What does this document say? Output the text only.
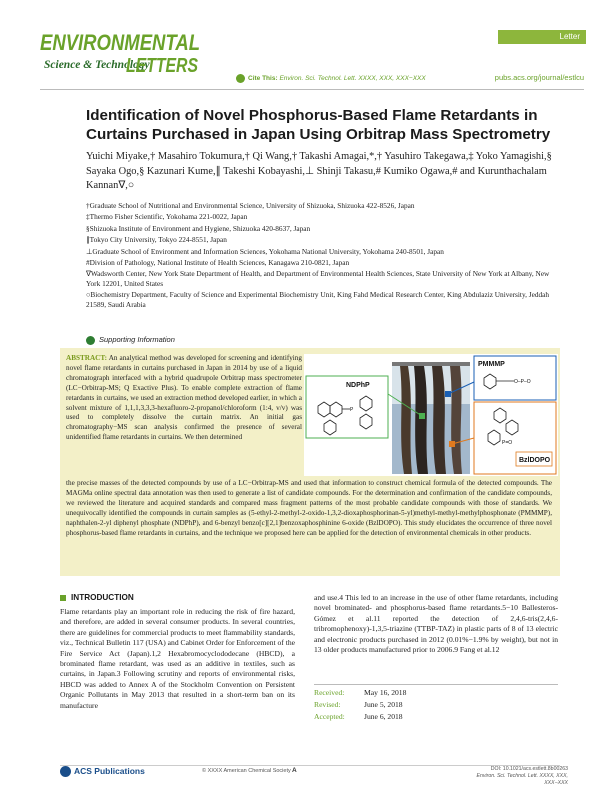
ENVIRONMENTAL
Science & Technology
LETTERS
Letter
pubs.acs.org/journal/estlcu
Cite This: Environ. Sci. Technol. Lett. XXXX, XXX, XXX−XXX
Identification of Novel Phosphorus-Based Flame Retardants in Curtains Purchased in Japan Using Orbitrap Mass Spectrometry
Yuichi Miyake,† Masahiro Tokumura,† Qi Wang,† Takashi Amagai,*,† Yasuhiro Takegawa,‡ Yoko Yamagishi,§ Sayaka Ogo,§ Kazunari Kume,∥ Takeshi Kobayashi,⊥ Shinji Takasu,# Kumiko Ogawa,# and Kurunthachalam Kannan∇,○

†Graduate School of Nutritional and Environmental Science, University of Shizuoka, Shizuoka 422-8526, Japan

‡Thermo Fisher Scientific, Yokohama 221-0022, Japan

§Shizuoka Institute of Environment and Hygiene, Shizuoka 420-8637, Japan

∥Tokyo City University, Tokyo 224-8551, Japan

⊥Graduate School of Environment and Information Sciences, Yokohama National University, Yokohama 240-8501, Japan

#Division of Pathology, National Institute of Health Sciences, Kanagawa 210-0821, Japan

∇Wadsworth Center, New York State Department of Health, and Department of Environmental Health Sciences, State University of New York at Albany, New York 12201, United States

○Biochemistry Department, Faculty of Science and Experimental Biochemistry Unit, King Fahd Medical Research Center, King Abdulaziz University, Jeddah 21589, Saudi Arabia

Supporting Information
ABSTRACT: An analytical method was developed for screening and identifying novel flame retardants in curtains purchased in Japan in 2014 by use of a liquid chromatograph interfaced with a hybrid quadrupole Orbitrap mass spectrometer (LC−Orbitrap-MS; Q Exactive Plus). To enable complete extraction of flame retardants in curtains, we used an extraction method developed earlier, in which a solvent mixture of 1,1,1,3,3,3-hexafluoro-2-propanol/chloroform (1:4, v/v) was used to completely dissolve the curtain matrix. An initial gas chromatography−MS scan analysis confirmed the presence of several unidentified flame retardants in curtains. We then determined
NDPhP
P
PMMMP
O–P–O
P=O
BzlDOPO
the precise masses of the detected compounds by use of a LC−Orbitrap-MS and used that information to construct chemical formula of the detected compounds. The MAGMa online spectral data annotation was then used to generate a list of candidate compounds. For the determination and confirmation of the candidate compounds, we reviewed the literature and acquired standards and compared mass fragment patterns of the most probable candidate compounds with those of standards. We unequivocally identified the compounds in curtain samples as (5-ethyl-2-methyl-2-oxido-1,3,2-dioxaphosphorinan-5-yl)methyl-methyl-methylphosphonate (PMMMP), naphthalen-2-yl diphenyl phosphate (NDPhP), and 6-benzyl benzo[c][2,1]benzoxaphosphinine 6-oxide (BzlDOPO). This study elucidates the occurrence of three novel phosphorus-based flame retardants in curtains, and the technique we proposed here can be applied for the detection of environmental chemicals in other products.
INTRODUCTION
Flame retardants play an important role in reducing the risk of fire hazard, and therefore, are added in several consumer products. In several countries, there are guidelines for commercial products to meet flammability standards, viz., Technical Bulletin 117 (USA) and Cabinet Order for Enforcement of the Fire Service Act (Japan).1,2 Hexabromocyclododecane (HBCD), a brominated flame retardant, was used as an additive in textiles, such as curtains, in Japan.3 Following scrutiny and reports of environmental risks, HBCD was added to Annex A of the Stockholm Convention on Persistent Organic Pollutants in May 2013 that resulted in a short-term ban on its manufacture
and use.4 This led to an increase in the use of other flame retardants, including novel brominated- and phosphorus-based flame retardants.5−10 Ballesteros-Gómez et al.11 reported the detection of 2,4,6-tris(2,4,6-tribromophenoxy)-1,3,5-triazine (TTBP-TAZ) in plastic parts of 8 of 13 electric and electronic products purchased in 2012 (0.01%−1.9% by weight), but not in 13 older products manufactured prior to 2006.9 Fang et al.12
Received:	May 16, 2018
Revised:	June 5, 2018
Accepted:	June 6, 2018
ACS Publications	© XXXX American Chemical Society A	DOI: 10.1021/acs.estlett.8b00263
Environ. Sci. Technol. Lett. XXXX, XXX, XXX−XXX
